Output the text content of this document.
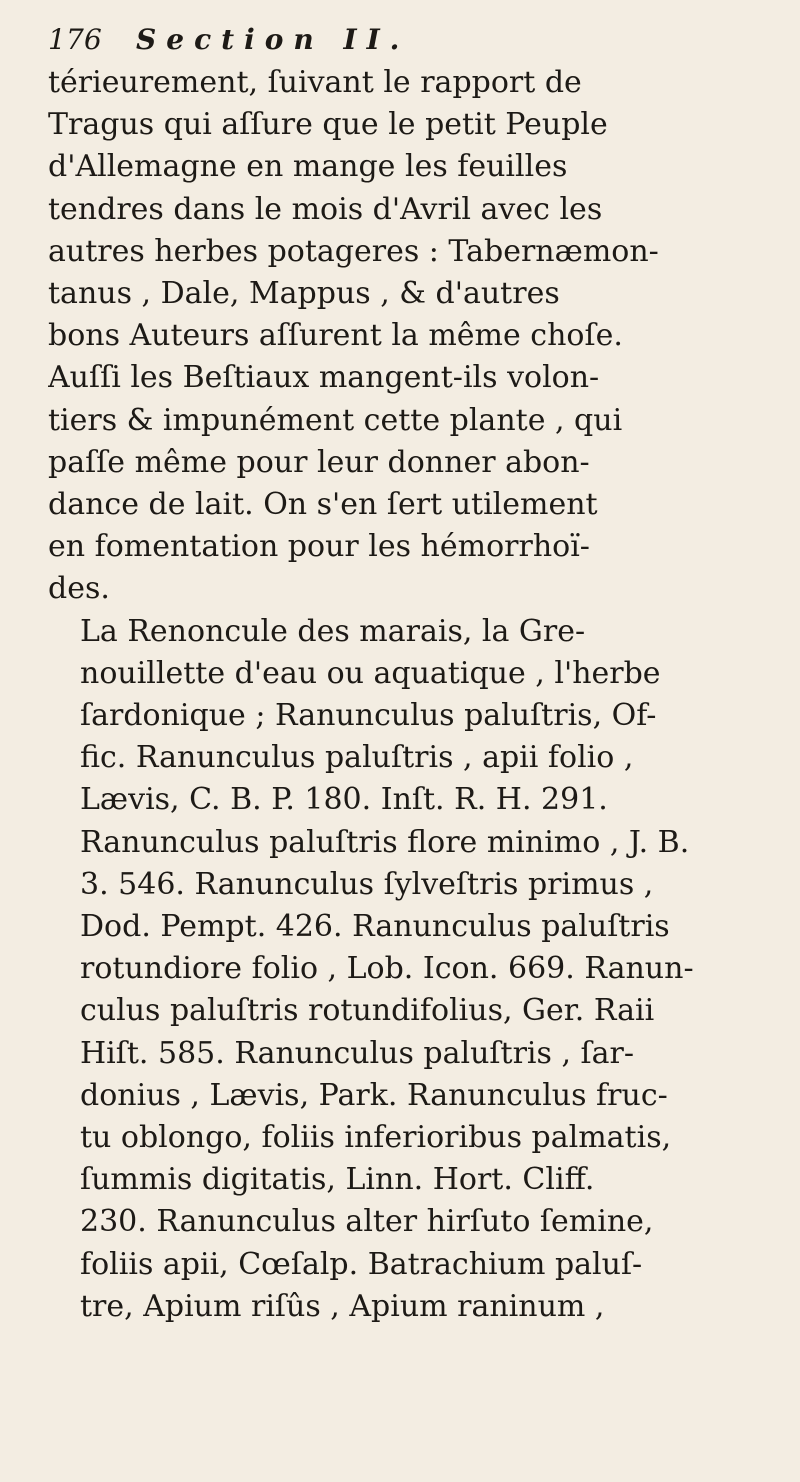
176 Section II.

térieurement, ſuivant le rapport de
Tragus qui aſſure que le petit Peuple
d'Allemagne en mange les feuilles
tendres dans le mois d'Avril avec les
autres herbes potageres : Tabernæmon-
tanus , Dale, Mappus , & d'autres
bons Auteurs aſſurent la même choſe.
Auſſi les Beſtiaux mangent-ils volon-
tiers & impunément cette plante , qui
paſſe même pour leur donner abon-
dance de lait. On s'en ſert utilement
en fomentation pour les hémorrhoï-
des.

La Renoncule des marais, la Gre-
nouillette d'eau ou aquatique , l'herbe
ſardonique ; Ranunculus paluſtris, Of-
fic. Ranunculus paluſtris , apii folio ,
Lævis, C. B. P. 180. Inſt. R. H. 291.
Ranunculus paluſtris flore minimo , J. B.
3. 546. Ranunculus ſylveſtris primus ,
Dod. Pempt. 426. Ranunculus paluſtris
rotundiore folio , Lob. Icon. 669. Ranun-
culus paluſtris rotundifolius, Ger. Raii
Hiſt. 585. Ranunculus paluſtris , ſar-
donius , Lævis, Park. Ranunculus fruc-
tu oblongo, foliis inferioribus palmatis,
ſummis digitatis, Linn. Hort. Cliff.
230. Ranunculus alter hirſuto ſemine,
foliis apii, Cœſalp. Batrachium paluſ-
tre, Apium riſûs , Apium raninum ,
